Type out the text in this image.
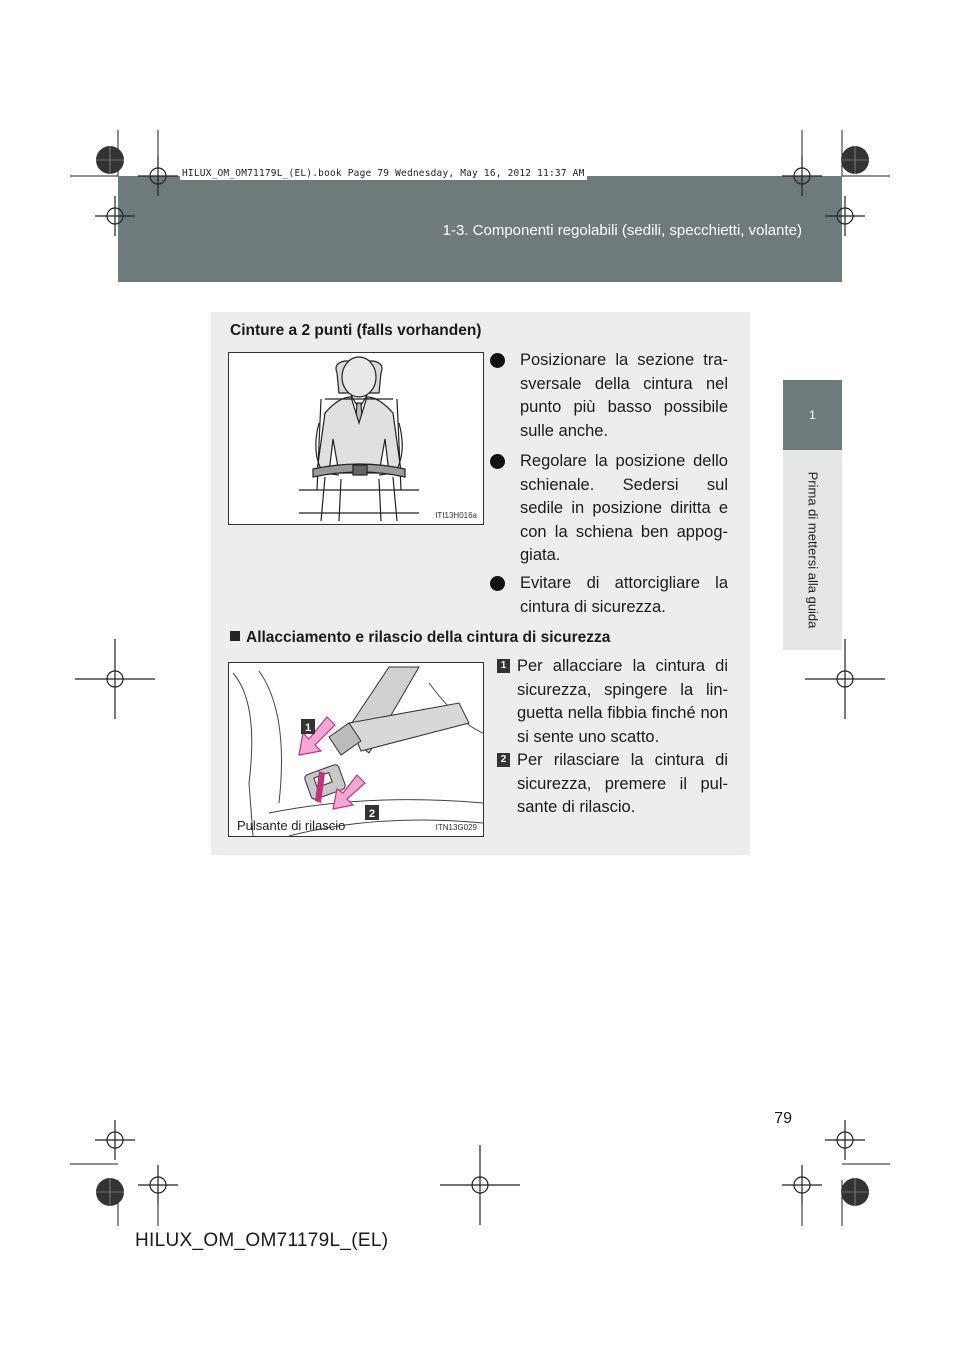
1-3. Componenti regolabili (sedili, specchietti, volante)
HILUX_OM_OM71179L_(EL).book Page 79 Wednesday, May 16, 2012 11:37 AM
1
Prima di mettersi alla guida
Cinture a 2 punti (falls vorhanden)
ITI13H016a
Posizionare la sezione tra-sversale della cintura nel punto più basso possibile sulle anche.
Regolare la posizione dello schienale. Sedersi sul sedile in posizione diritta e con la schiena ben appog-giata.
Evitare di attorcigliare la cintura di sicurezza.
Allacciamento e rilascio della cintura di sicurezza
1
2
Pulsante di rilascio	ITN13G029
1 Per allacciare la cintura di sicurezza, spingere la lin-guetta nella fibbia finché non si sente uno scatto.
2 Per rilasciare la cintura di sicurezza, premere il pul-sante di rilascio.
79
HILUX_OM_OM71179L_(EL)
